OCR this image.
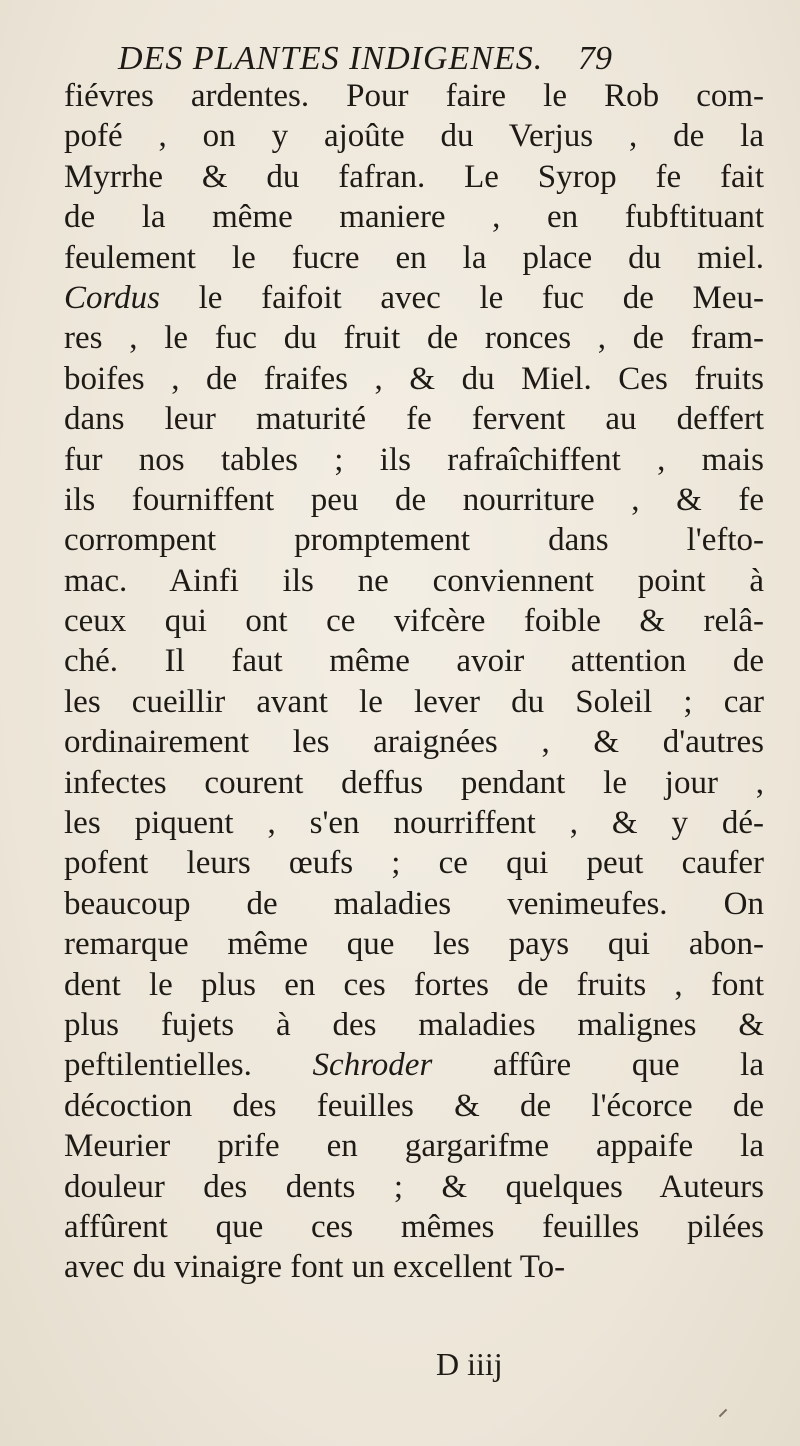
DES PLANTES INDIGENES. 79
fiévres ardentes. Pour faire le Rob com-
pofé , on y ajoûte du Verjus , de la
Myrrhe & du fafran. Le Syrop fe fait
de la même maniere , en fubftituant
feulement le fucre en la place du miel.
Cordus le faifoit avec le fuc de Meu-
res , le fuc du fruit de ronces , de fram-
boifes , de fraifes , & du Miel. Ces fruits
dans leur maturité fe fervent au deffert
fur nos tables ; ils rafraîchiffent , mais
ils fourniffent peu de nourriture , & fe
corrompent promptement dans l'efto-
mac. Ainfi ils ne conviennent point à
ceux qui ont ce vifcère foible & relâ-
ché. Il faut même avoir attention de
les cueillir avant le lever du Soleil ; car
ordinairement les araignées , & d'autres
infectes courent deffus pendant le jour ,
les piquent , s'en nourriffent , & y dé-
pofent leurs œufs ; ce qui peut caufer
beaucoup de maladies venimeufes. On
remarque même que les pays qui abon-
dent le plus en ces fortes de fruits , font
plus fujets à des maladies malignes &
peftilentielles. Schroder affûre que la
décoction des feuilles & de l'écorce de
Meurier prife en gargarifme appaife la
douleur des dents ; & quelques Auteurs
affûrent que ces mêmes feuilles pilées
avec du vinaigre font un excellent To-
D iiij
